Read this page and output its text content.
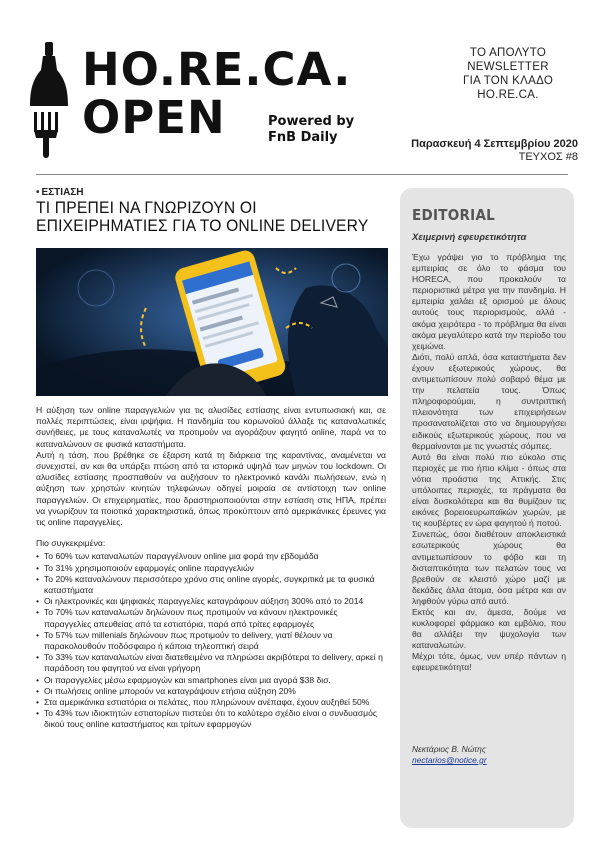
HO.RE.CA.
OPEN	Powered by
FnB Daily
ΤΟ ΑΠΟΛΥΤΟ
NEWSLETTER
ΓΙΑ ΤΟΝ ΚΛΑΔΟ
HO.RE.CA.
Παρασκευή 4 Σεπτεμβρίου 2020
ΤΕΥΧΟΣ #8
• ΕΣΤΙΑΣΗ
ΤΙ ΠΡΕΠΕΙ ΝΑ ΓΝΩΡΙΖΟΥΝ ΟΙ
ΕΠΙΧΕΙΡΗΜΑΤΙΕΣ ΓΙΑ ΤΟ ONLINE DELIVERY

Η αύξηση των online παραγγελιών για τις αλυσίδες εστίασης είναι εντυπωσιακή και, σε πολλές περιπτώσεις, είναι ιρψήφια. Η πανδημία του κορωνοϊού άλλαξε τις καταναλωτικές συνήθειες, με τους καταναλωτές να προτιμούν να αγοράζουν φαγητό online, παρά να το καταναλώνουν σε φυσικά καταστήματα.

Αυτή η τάση, που βρέθηκε σε έξαρση κατά τη διάρκεια της καραντίνας, αναμένεται να συνεχιστεί, αν και θα υπάρξει πτώση από τα ιστορικά υψηλά των μηνών του lockdown. Οι αλυσίδες εστίασης προσπαθούν να αυξήσουν το ηλεκτρονικό κανάλι πωλήσεων, ενώ η αύξηση των χρηστών κινητών τηλεφώνων οδηγεί μοιραία σε αντίστοιχη των online παραγγελιών. Οι επιχειρηματίες, που δραστηριοποιούνται στην εστίαση στις ΗΠΑ, πρέπει να γνωρίζουν τα ποιοτικά χαρακτηριστικά, όπως προκύπτουν από αμερικάνικες έρευνες για τις online παραγγελίες.

Πιο συγκεκριμένα:

• Το 60% των καταναλωτών παραγγέλνουν online μια φορά την εβδομάδα
• Το 31% χρησιμοποιούν εφαρμογές online παραγγελιών
• Το 20% καταναλώνουν περισσότερο χρόνο στις online αγορές, συγκριτικά με τα φυσικά καταστήματα
• Οι ηλεκτρονικές και ψηφιακές παραγγελίες καταγράφουν αύξηση 300% από το 2014
• Το 70% των καταναλωτών δηλώνουν πως προτιμούν να κάνουν ηλεκτρονικές παραγγελίες απευθείας από τα εστιατόρια, παρά από τρίτες εφαρμογές
• Το 57% των millenials δηλώνουν πως προτιμούν το delivery, γιατί θέλουν να παρακολουθούν ποδόσφαιρο ή κάποια τηλεοπτική σειρά
• Το 33% των καταναλωτών είναι διατεθειμένο να πληρώσει ακριβότερα το delivery, αρκεί η παράδοση του φαγητού να είναι γρήγορη
• Οι παραγγελίες μέσω εφαρμογών και smartphones είναι μια αγορά $38 δισ.
• Οι πωλήσεις online μπορούν να καταγράψουν ετήσια αύξηση 20%
• Στα αμερικάνικα εστιατόρια οι πελάτες, που πληρώνουν ανέπαφα, έχουν αυξηθεί 50%
• Το 43% των ιδιοκτητών εστιατορίων πιστεύει ότι το καλύτερο σχέδιο είναι ο συνδυασμός δικού τους online καταστήματος και τρίτων εφαρμογών
EDITORIAL
Χειμερινή εφευρετικότητα

Έχω γράψει για το πρόβλημα της εμπειρίας σε όλο το φάσμα του HORECA, που προκαλούν τα περιοριστικά μέτρα για την πανδημία. Η εμπειρία χαλάει εξ ορισμού με όλους αυτούς τους περιορισμούς, αλλά - ακόμα χειρότερα - το πρόβλημα θα είναι ακόμα μεγαλύτερο κατά την περίοδο του χειμώνα.

Διότι, πολύ απλά, όσα καταστήματα δεν έχουν εξωτερικούς χώρους, θα αντιμετωπίσουν πολύ σοβαρό θέμα με την πελατεία τους. Όπως πληροφορούμαι, η συντριπτική πλειονότητα των επιχειρήσεων προσανατολίζεται στο να δημιουργήσει ειδικούς εξωτερικούς χώρους, που να θερμαίνονται με τις γνωστές σόμπες.

Αυτό θα είναι πολύ πιο εύκολο στις περιοχές με πιο ήπιο κλίμα - όπως στα νότια προάστια της Αττικής. Στις υπόλοιπες περιοχές, τα πράγματα θα είναι δυσκολότερα και θα θυμίζουν τις εικόνες βορειοευρωπαϊκών χωρών, με τις κουβέρτες εν ώρα φαγητού ή ποτού.

Συνεπώς, όσοι διαθέτουν αποκλειστικά εσωτερικούς χώρους θα αντιμετωπίσουν το φόβο και τη δισταπτικότητα των πελατών τους να βρεθούν σε κλειστό χώρο μαζί με δεκάδες άλλα άτομα, όσα μέτρα και αν ληφθούν γύρω από αυτό.

Εκτός και αν, άμεσα, δούμε να κυκλοφορεί φάρμακο και εμβόλιο, που θα αλλάξει την ψυχολογία των καταναλωτών.

Μέχρι τότε, όμως, νυν υπέρ πάντων η εφευρετικότητα!

Νεκτάριος Β. Νώτης
nectarios@notice.gr
